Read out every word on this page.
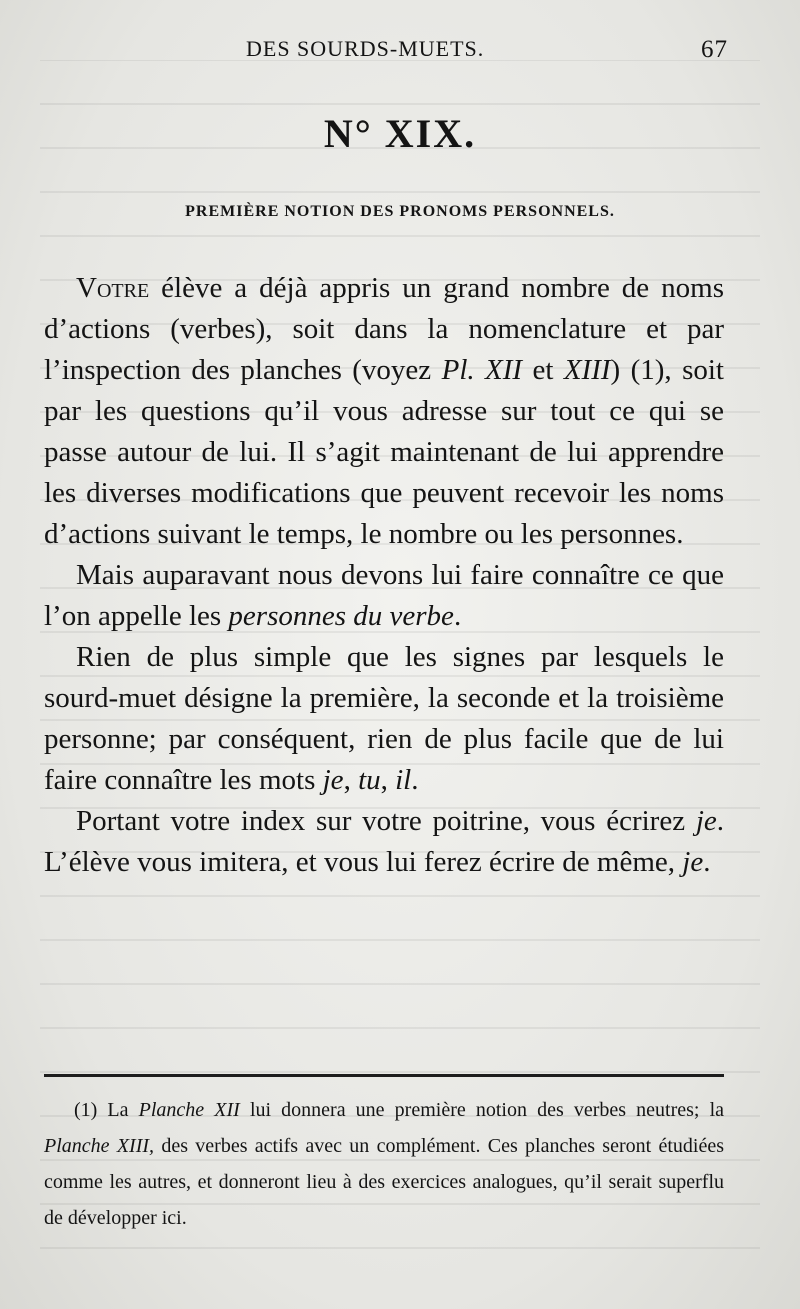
DES SOURDS-MUETS.	67
N° XIX.
PREMIÈRE NOTION DES PRONOMS PERSONNELS.

Votre élève a déjà appris un grand nombre de noms d’actions (verbes), soit dans la nomenclature et par l’inspection des planches (voyez Pl. XII et XIII) (1), soit par les questions qu’il vous adresse sur tout ce qui se passe autour de lui. Il s’agit maintenant de lui apprendre les diverses modifications que peuvent recevoir les noms d’actions suivant le temps, le nombre ou les personnes.

Mais auparavant nous devons lui faire connaître ce que l’on appelle les personnes du verbe.

Rien de plus simple que les signes par lesquels le sourd-muet désigne la première, la seconde et la troisième personne; par conséquent, rien de plus facile que de lui faire connaître les mots je, tu, il.

Portant votre index sur votre poitrine, vous écrirez je. L’élève vous imitera, et vous lui ferez écrire de même, je.

(1) La Planche XII lui donnera une première notion des verbes neutres; la Planche XIII, des verbes actifs avec un complément. Ces planches seront étudiées comme les autres, et donneront lieu à des exercices analogues, qu’il serait superflu de développer ici.
